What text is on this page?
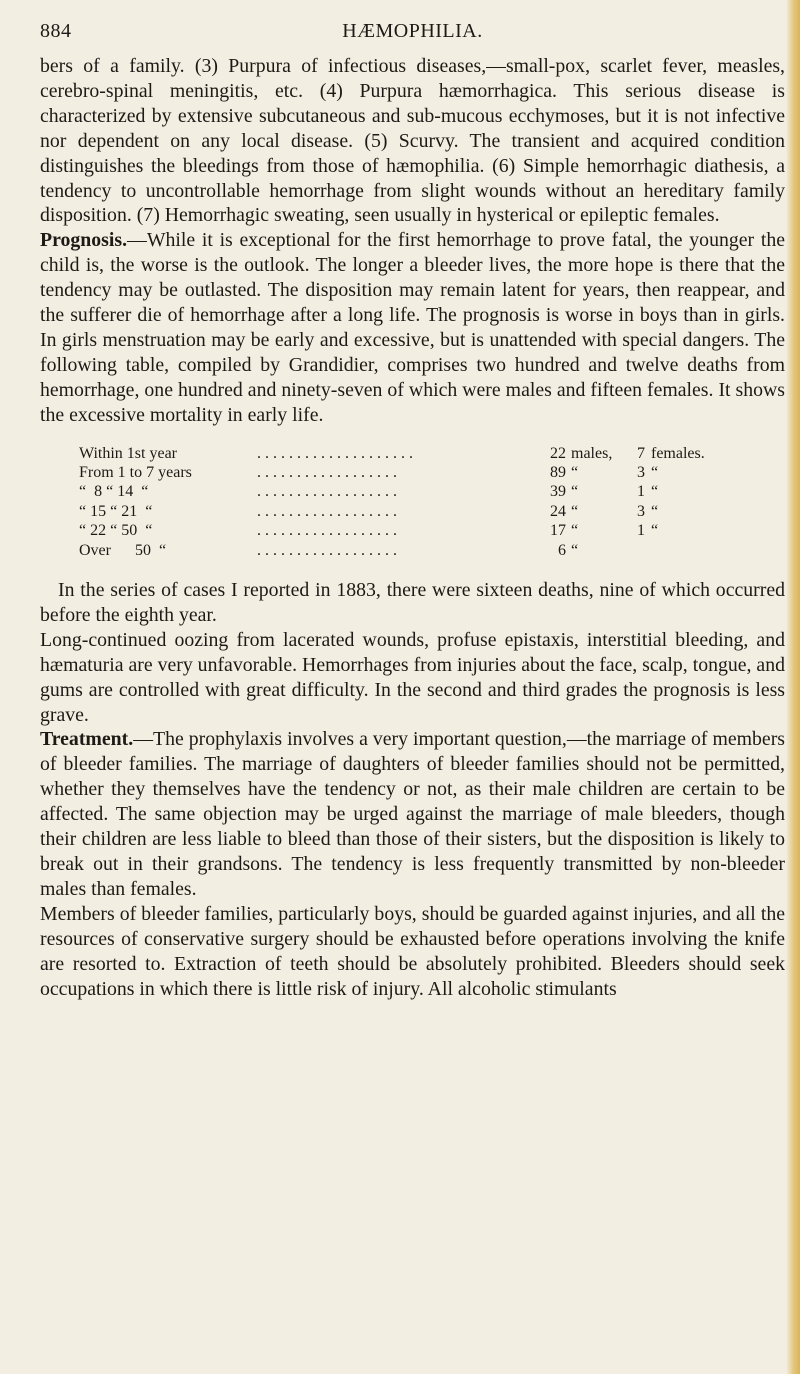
884	HÆMOPHILIA.

bers of a family. (3) Purpura of infectious diseases,—small-pox, scarlet fever, measles, cerebro-spinal meningitis, etc. (4) Purpura hæmorrhagica. This serious disease is characterized by extensive subcutaneous and sub-mucous ecchymoses, but it is not infective nor dependent on any local disease. (5) Scurvy. The transient and acquired condition distinguishes the bleedings from those of hæmophilia. (6) Simple hemorrhagic diathesis, a tendency to uncontrollable hemorrhage from slight wounds without an hereditary family disposition. (7) Hemorrhagic sweating, seen usually in hysterical or epileptic females.

Prognosis.—While it is exceptional for the first hemorrhage to prove fatal, the younger the child is, the worse is the outlook. The longer a bleeder lives, the more hope is there that the tendency may be outlasted. The disposition may remain latent for years, then reappear, and the sufferer die of hemorrhage after a long life. The prognosis is worse in boys than in girls. In girls menstruation may be early and excessive, but is unattended with special dangers. The following table, compiled by Grandidier, comprises two hundred and twelve deaths from hemorrhage, one hundred and ninety-seven of which were males and fifteen females. It shows the excessive mortality in early life.

Within 1st year	. . . . . . . . . . . . . . . . . . . .	22	males,	7	females.
From 1 to 7 years	. . . . . . . . . . . . . . . . . .	89	“	3	“
“  8 “ 14  “	. . . . . . . . . . . . . . . . . .	39	“	1	“
“ 15 “ 21  “	. . . . . . . . . . . . . . . . . .	24	“	3	“
“ 22 “ 50  “	. . . . . . . . . . . . . . . . . .	17	“	1	“
Over      50  “	. . . . . . . . . . . . . . . . . .	6	“		

In the series of cases I reported in 1883, there were sixteen deaths, nine of which occurred before the eighth year.

Long-continued oozing from lacerated wounds, profuse epistaxis, interstitial bleeding, and hæmaturia are very unfavorable. Hemorrhages from injuries about the face, scalp, tongue, and gums are controlled with great difficulty. In the second and third grades the prognosis is less grave.

Treatment.—The prophylaxis involves a very important question,—the marriage of members of bleeder families. The marriage of daughters of bleeder families should not be permitted, whether they themselves have the tendency or not, as their male children are certain to be affected. The same objection may be urged against the marriage of male bleeders, though their children are less liable to bleed than those of their sisters, but the disposition is likely to break out in their grandsons. The tendency is less frequently transmitted by non-bleeder males than females.

Members of bleeder families, particularly boys, should be guarded against injuries, and all the resources of conservative surgery should be exhausted before operations involving the knife are resorted to. Extraction of teeth should be absolutely prohibited. Bleeders should seek occupations in which there is little risk of injury. All alcoholic stimulants
